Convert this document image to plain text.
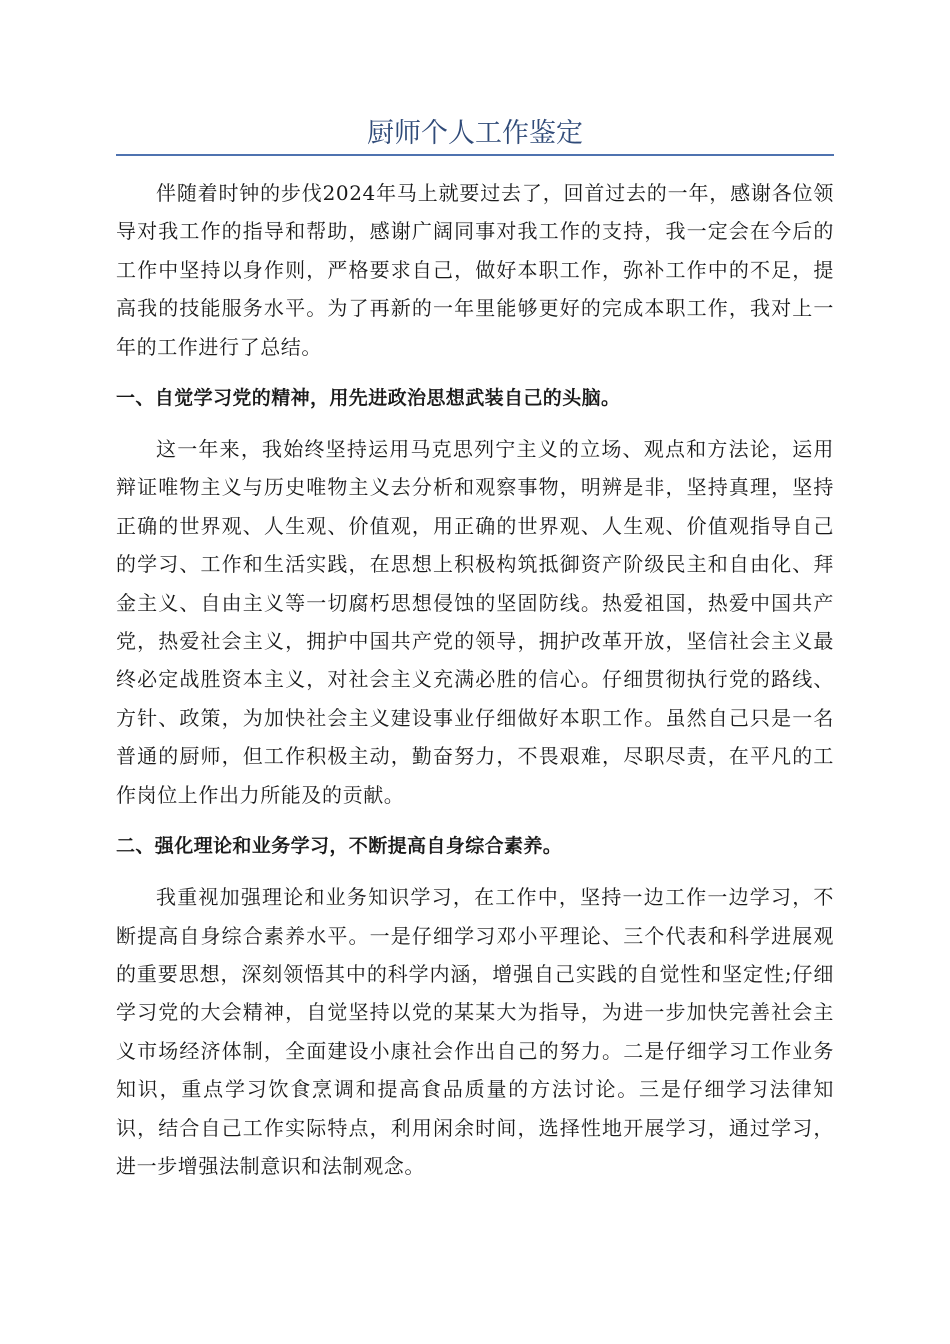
厨师个人工作鉴定

伴随着时钟的步伐2024年马上就要过去了，回首过去的一年，感谢各位领导对我工作的指导和帮助，感谢广阔同事对我工作的支持，我一定会在今后的工作中坚持以身作则，严格要求自己，做好本职工作，弥补工作中的不足，提高我的技能服务水平。为了再新的一年里能够更好的完成本职工作，我对上一年的工作进行了总结。

一、自觉学习党的精神，用先进政治思想武装自己的头脑。

这一年来，我始终坚持运用马克思列宁主义的立场、观点和方法论，运用辩证唯物主义与历史唯物主义去分析和观察事物，明辨是非，坚持真理，坚持正确的世界观、人生观、价值观，用正确的世界观、人生观、价值观指导自己的学习、工作和生活实践，在思想上积极构筑抵御资产阶级民主和自由化、拜金主义、自由主义等一切腐朽思想侵蚀的坚固防线。热爱祖国，热爱中国共产党，热爱社会主义，拥护中国共产党的领导，拥护改革开放，坚信社会主义最终必定战胜资本主义，对社会主义充满必胜的信心。仔细贯彻执行党的路线、方针、政策，为加快社会主义建设事业仔细做好本职工作。虽然自己只是一名普通的厨师，但工作积极主动，勤奋努力，不畏艰难，尽职尽责，在平凡的工作岗位上作出力所能及的贡献。

二、强化理论和业务学习，不断提高自身综合素养。

我重视加强理论和业务知识学习，在工作中，坚持一边工作一边学习，不断提高自身综合素养水平。一是仔细学习邓小平理论、三个代表和科学进展观的重要思想，深刻领悟其中的科学内涵，增强自己实践的自觉性和坚定性;仔细学习党的大会精神，自觉坚持以党的某某大为指导，为进一步加快完善社会主义市场经济体制，全面建设小康社会作出自己的努力。二是仔细学习工作业务知识，重点学习饮食烹调和提高食品质量的方法讨论。三是仔细学习法律知识，结合自己工作实际特点，利用闲余时间，选择性地开展学习，通过学习，进一步增强法制意识和法制观念。
